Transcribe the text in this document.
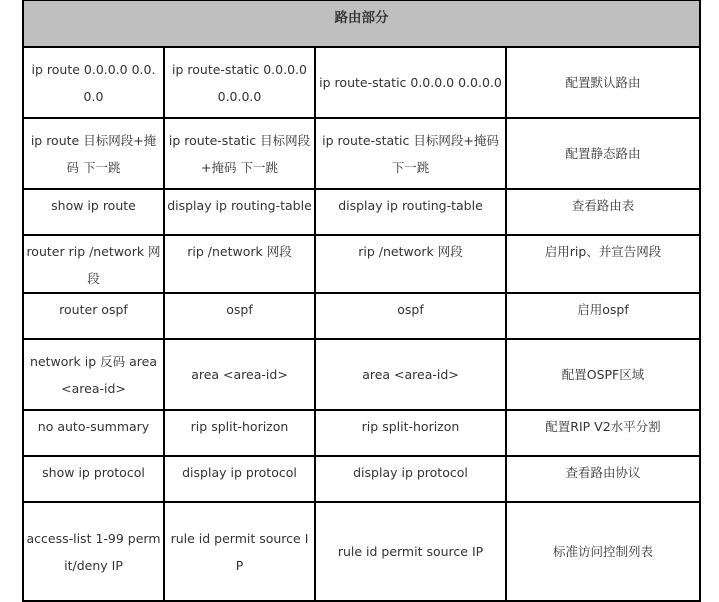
路由部分			
ip route 0.0.0.0 0.0.0.0	ip route-static 0.0.0.0 0.0.0.0	ip route-static 0.0.0.0 0.0.0.0	配置默认路由
ip route 目标网段+掩码 下一跳	ip route-static 目标网段+掩码 下一跳	ip route-static 目标网段+掩码 下一跳	配置静态路由
show ip route	display ip routing-table	display ip routing-table	查看路由表
router rip /network 网段	rip /network 网段	rip /network 网段	启用rip、并宣告网段
router ospf	ospf	ospf	启用ospf
network ip 反码 area <area-id>	area <area-id>	area <area-id>	配置OSPF区域
no auto-summary	rip split-horizon	rip split-horizon	配置RIP V2水平分割
show ip protocol	display ip protocol	display ip protocol	查看路由协议
access-list 1-99 permit/deny IP	rule id permit source IP	rule id permit source IP	标准访问控制列表
